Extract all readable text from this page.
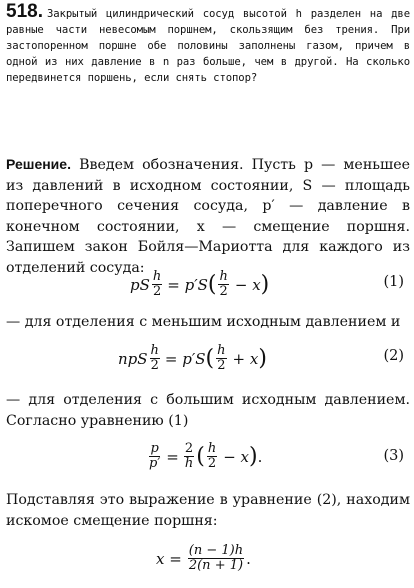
518. Закрытый цилиндрический сосуд высотой h разделен на две равные части невесомым поршнем, скользящим без трения. При застопоренном поршне обе половины заполнены газом, причем в одной из них давление в n раз больше, чем в другой. На сколько передвинется поршень, если снять стопор?
Решение. Введем обозначения. Пусть p — меньшее из давлений в исходном состоянии, S — площадь поперечного сечения сосуда, p′ — давление в конечном состоянии, x — смещение поршня. Запишем закон Бойля—Мариотта для каждого из отделений сосуда:
pS $\frac{h}{2} = p'S$ ( $\frac{h}{2} - x$ )	(1)
— для отделения с меньшим исходным давлением и
npS $\frac{h}{2} = p'S$ ( $\frac{h}{2} + x$ )	(2)
— для отделения с большим исходным давлением. Согласно уравнению (1)
$\frac{p}{p'} = \frac{2}{h}$ ( $\frac{h}{2} - x$ ) .	(3)
Подставляя это выражение в уравнение (2), находим искомое смещение поршня:
$x = \frac{(n - 1)h}{2(n + 1)}$ .
